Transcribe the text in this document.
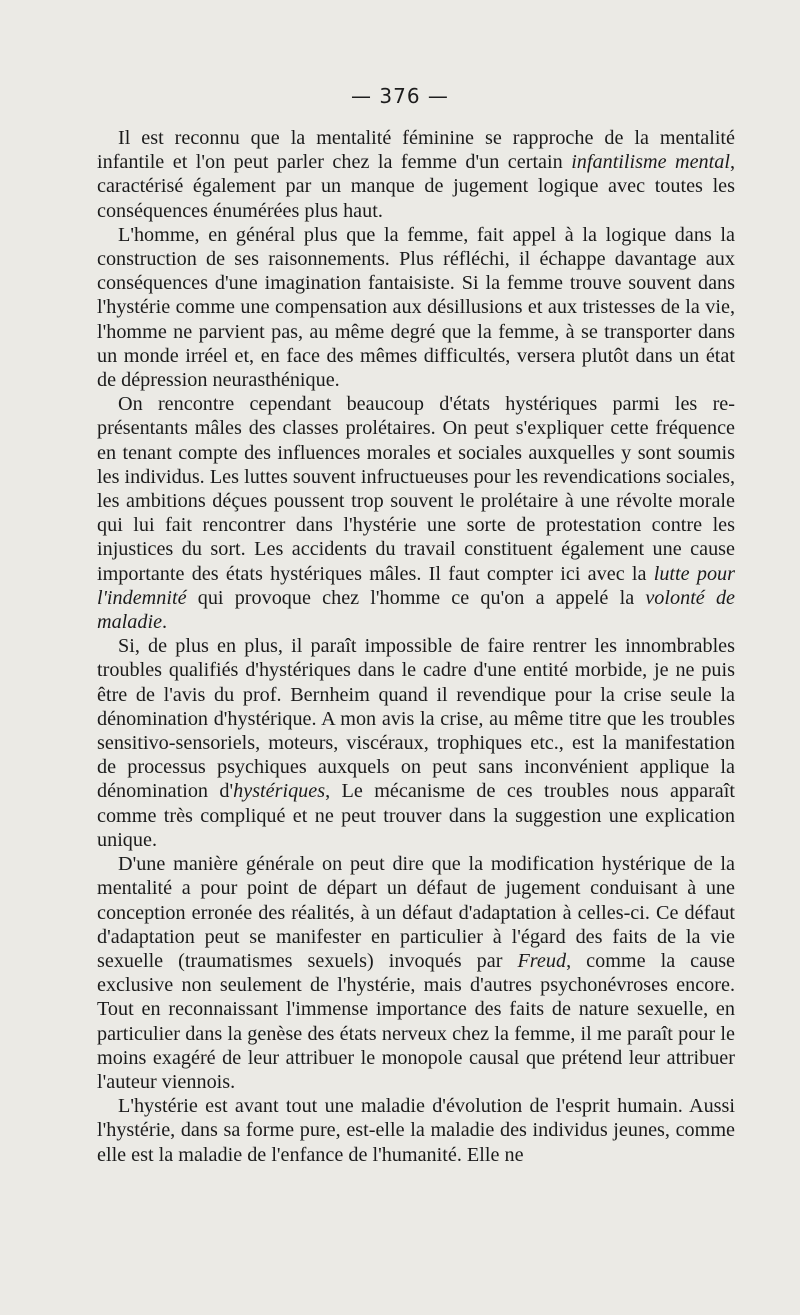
— 376 —

Il est reconnu que la mentalité féminine se rapproche de la mentalité infantile et l'on peut parler chez la femme d'un certain infantilisme mental, caractérisé également par un manque de jugement logique avec toutes les conséquences énumérées plus haut.

L'homme, en général plus que la femme, fait appel à la logique dans la construction de ses raisonnements. Plus réfléchi, il échappe davantage aux conséquences d'une imagination fantaisiste. Si la femme trouve souvent dans l'hystérie comme une compensation aux désillusions et aux tristesses de la vie, l'homme ne parvient pas, au même degré que la femme, à se transporter dans un monde irréel et, en face des mêmes difficultés, versera plutôt dans un état de dépression neurasthénique.

On rencontre cependant beaucoup d'états hystériques parmi les représentants mâles des classes prolétaires. On peut s'expliquer cette fréquence en tenant compte des influences morales et sociales auxquelles y sont soumis les individus. Les luttes souvent infructueuses pour les revendications sociales, les ambitions déçues poussent trop souvent le prolétaire à une révolte morale qui lui fait rencontrer dans l'hystérie une sorte de protestation contre les injustices du sort. Les accidents du travail constituent également une cause importante des états hystériques mâles. Il faut compter ici avec la lutte pour l'indemnité qui provoque chez l'homme ce qu'on a appelé la volonté de maladie.

Si, de plus en plus, il paraît impossible de faire rentrer les innombrables troubles qualifiés d'hystériques dans le cadre d'une entité morbide, je ne puis être de l'avis du prof. Bernheim quand il revendique pour la crise seule la dénomination d'hystérique. A mon avis la crise, au même titre que les troubles sensitivo-sensoriels, moteurs, viscéraux, trophiques etc., est la manifestation de processus psychiques auxquels on peut sans inconvénient applique la dénomination d'hystériques, Le mécanisme de ces troubles nous apparaît comme très compliqué et ne peut trouver dans la suggestion une explication unique.

D'une manière générale on peut dire que la modification hystérique de la mentalité a pour point de départ un défaut de jugement conduisant à une conception erronée des réalités, à un défaut d'adaptation à celles-ci. Ce défaut d'adaptation peut se manifester en particulier à l'égard des faits de la vie sexuelle (traumatismes sexuels) invoqués par Freud, comme la cause exclusive non seulement de l'hystérie, mais d'autres psychonévroses encore. Tout en reconnaissant l'immense importance des faits de nature sexuelle, en particulier dans la genèse des états nerveux chez la femme, il me paraît pour le moins exagéré de leur attribuer le monopole causal que prétend leur attribuer l'auteur viennois.

L'hystérie est avant tout une maladie d'évolution de l'esprit humain. Aussi l'hystérie, dans sa forme pure, est-elle la maladie des individus jeunes, comme elle est la maladie de l'enfance de l'humanité. Elle ne
